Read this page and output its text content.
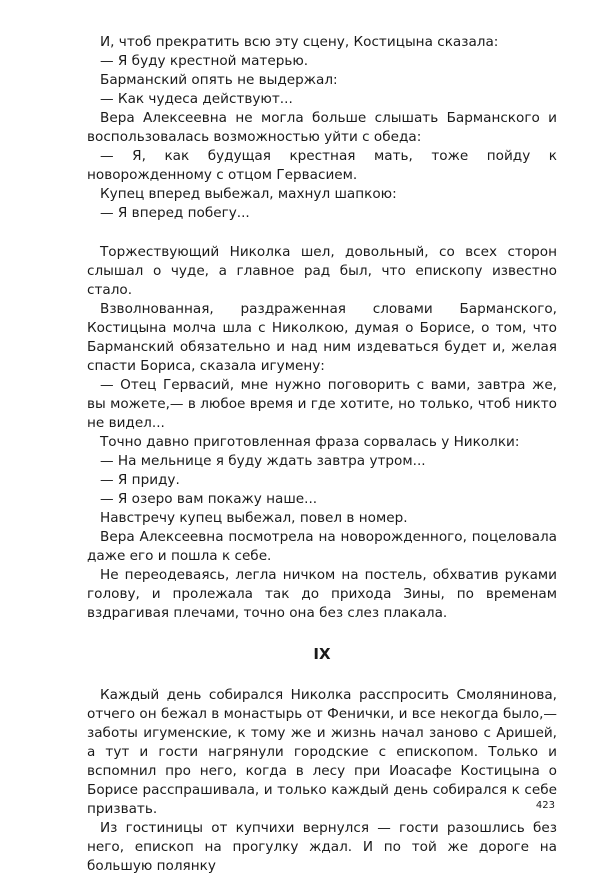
И, чтоб прекратить всю эту сцену, Костицына сказала:

— Я буду крестной матерью.

Барманский опять не выдержал:

— Как чудеса действуют...

Вера Алексеевна не могла больше слышать Барманского и воспользовалась возможностью уйти с обеда:

— Я, как будущая крестная мать, тоже пойду к новорожденному с отцом Гервасием.

Купец вперед выбежал, махнул шапкою:

— Я вперед побегу...

Торжествующий Николка шел, довольный, со всех сторон слышал о чуде, а главное рад был, что епископу известно стало.

Взволнованная, раздраженная словами Барманского, Костицына молча шла с Николкою, думая о Борисе, о том, что Барманский обязательно и над ним издеваться будет и, желая спасти Бориса, сказала игумену:

— Отец Гервасий, мне нужно поговорить с вами, завтра же, вы можете,— в любое время и где хотите, но только, чтоб никто не видел...

Точно давно приготовленная фраза сорвалась у Николки:

— На мельнице я буду ждать завтра утром...

— Я приду.

— Я озеро вам покажу наше...

Навстречу купец выбежал, повел в номер.

Вера Алексеевна посмотрела на новорожденного, поцеловала даже его и пошла к себе.

Не переодеваясь, легла ничком на постель, обхватив руками голову, и пролежала так до прихода Зины, по временам вздрагивая плечами, точно она без слез плакала.

IX

Каждый день собирался Николка расспросить Смолянинова, отчего он бежал в монастырь от Фенички, и все некогда было,— заботы игуменские, к тому же и жизнь начал заново с Аришей, а тут и гости нагрянули городские с епископом. Только и вспомнил про него, когда в лесу при Иоасафе Костицына о Борисе расспрашивала, и только каждый день собирался к себе призвать.

Из гостиницы от купчихи вернулся — гости разошлись без него, епископ на прогулку ждал. И по той же дороге на большую полянку

423
